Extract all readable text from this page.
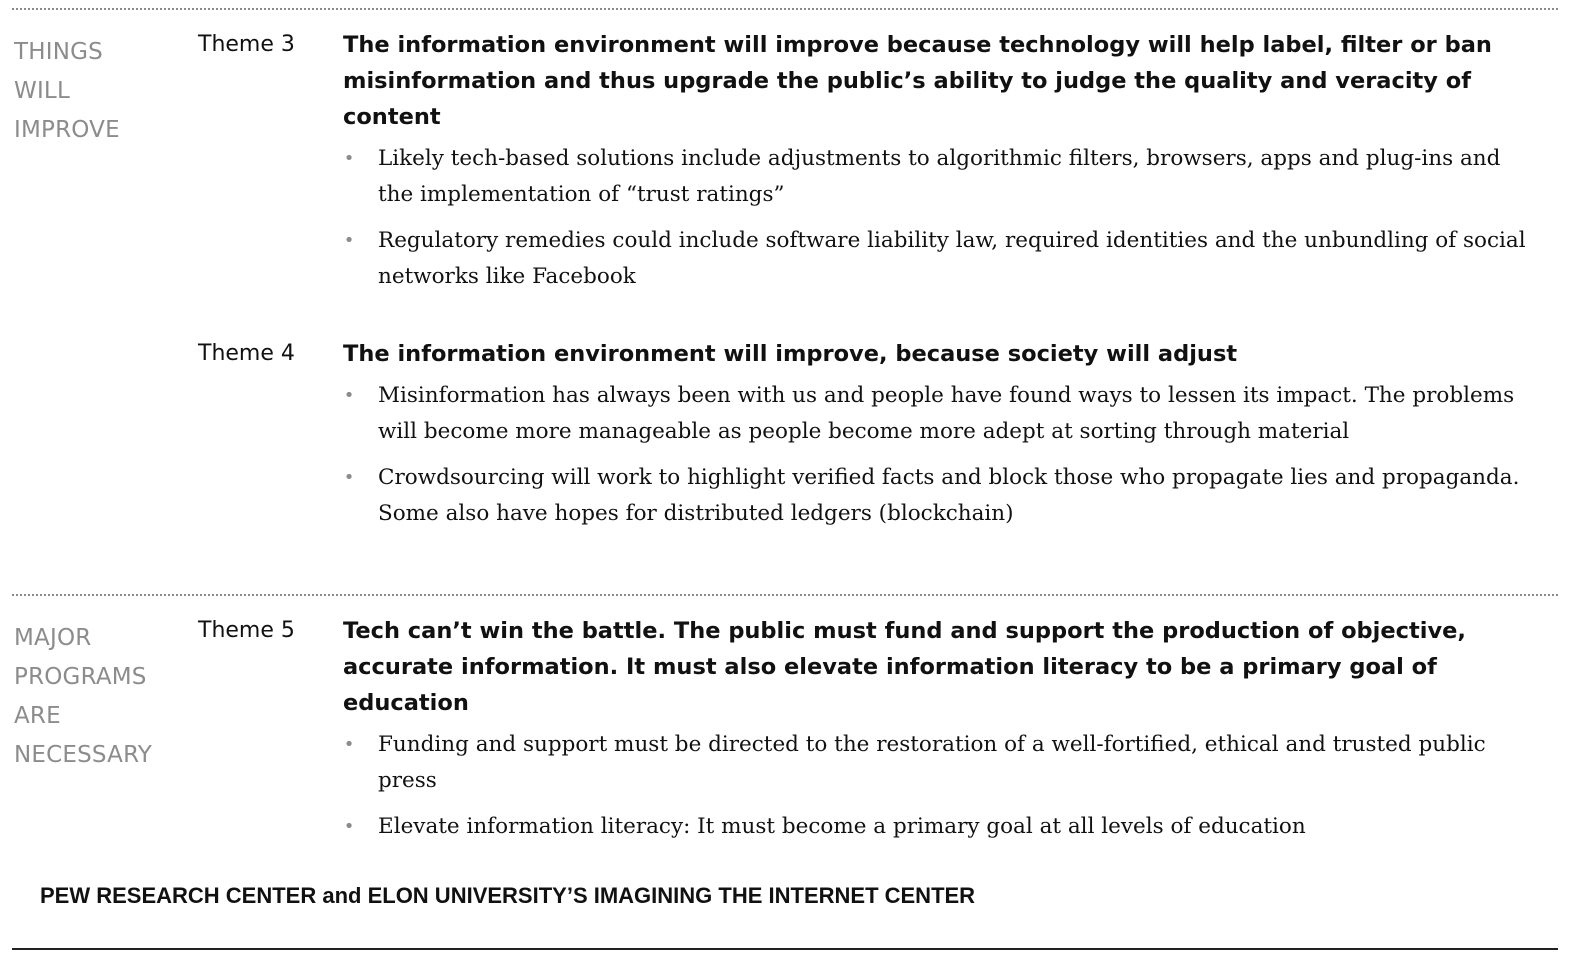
THINGS
WILL
IMPROVE
Theme 3 The information environment will improve because technology will help label, filter or ban misinformation and thus upgrade the public’s ability to judge the quality and veracity of content

• Likely tech-based solutions include adjustments to algorithmic filters, browsers, apps and plug-ins and the implementation of “trust ratings”
• Regulatory remedies could include software liability law, required identities and the unbundling of social networks like Facebook
Theme 4 The information environment will improve, because society will adjust

• Misinformation has always been with us and people have found ways to lessen its impact. The problems will become more manageable as people become more adept at sorting through material
• Crowdsourcing will work to highlight verified facts and block those who propagate lies and propaganda. Some also have hopes for distributed ledgers (blockchain)
MAJOR
PROGRAMS
ARE
NECESSARY
Theme 5 Tech can’t win the battle. The public must fund and support the production of objective, accurate information. It must also elevate information literacy to be a primary goal of education

• Funding and support must be directed to the restoration of a well-fortified, ethical and trusted public press
• Elevate information literacy: It must become a primary goal at all levels of education
PEW RESEARCH CENTER and ELON UNIVERSITY’S IMAGINING THE INTERNET CENTER
